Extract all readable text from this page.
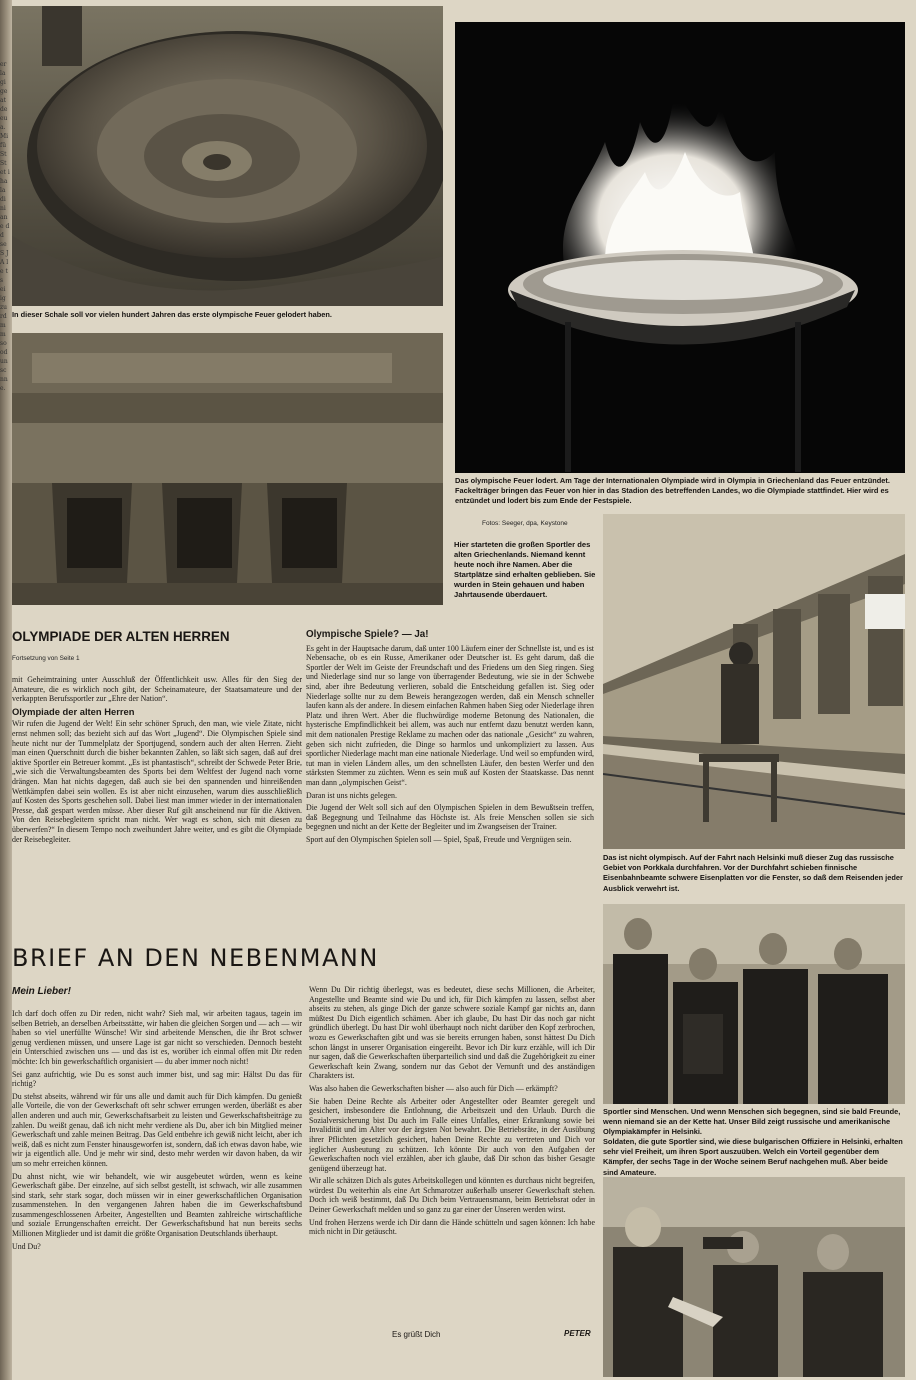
er la gi ge at de eu a. Mi fü St St et i ha la di ni an e d d se S J A l e t s ei ig zu rd m m so od un sc nn e.
In dieser Schale soll vor vielen hundert Jahren das erste olympische Feuer gelodert haben.
Das olympische Feuer lodert. Am Tage der Internationalen Olympiade wird in Olympia in Griechenland das Feuer entzündet. Fackelträger bringen das Feuer von hier in das Stadion des betreffenden Landes, wo die Olympiade stattfindet. Hier wird es entzündet und lodert bis zum Ende der Festspiele.
Fotos: Seeger, dpa, Keystone
Hier starteten die großen Sportler des alten Griechenlands. Niemand kennt heute noch ihre Namen. Aber die Startplätze sind erhalten geblieben. Sie wurden in Stein gehauen und haben Jahrtausende überdauert.
Das ist nicht olympisch. Auf der Fahrt nach Helsinki muß dieser Zug das russische Gebiet von Porkkala durchfahren. Vor der Durchfahrt schieben finnische Eisenbahnbeamte schwere Eisenplatten vor die Fenster, so daß dem Reisenden jeder Ausblick verwehrt ist.
OLYMPIADE DER ALTEN HERREN
Fortsetzung von Seite 1

mit Geheimtraining unter Ausschluß der Öffentlichkeit usw. Alles für den Sieg der Amateure, die es wirklich noch gibt, der Scheinamateure, der Staatsamateure und der verkappten Berufssportler zur „Ehre der Nation“.

Olympiade der alten Herren

Wir rufen die Jugend der Welt! Ein sehr schöner Spruch, den man, wie viele Zitate, nicht ernst nehmen soll; das bezieht sich auf das Wort „Jugend“. Die Olympischen Spiele sind heute nicht nur der Tummelplatz der Sportjugend, sondern auch der alten Herren. Zieht man einen Querschnitt durch die bisher bekannten Zahlen, so läßt sich sagen, daß auf drei aktive Sportler ein Betreuer kommt. „Es ist phantastisch“, schreibt der Schwede Peter Brie, „wie sich die Verwaltungsbeamten des Sports bei dem Weltfest der Jugend nach vorne drängen. Man hat nichts dagegen, daß auch sie bei den spannenden und hinreißenden Wettkämpfen dabei sein wollen. Es ist aber nicht einzusehen, warum dies ausschließlich auf Kosten des Sports geschehen soll. Dabei liest man immer wieder in der internationalen Presse, daß gespart werden müsse. Aber dieser Ruf gilt anscheinend nur für die Aktiven. Von den Reisebegleitern spricht man nicht. Wer wagt es schon, sich mit diesen zu überwerfen?“ In diesem Tempo noch zweihundert Jahre weiter, und es gibt die Olympiade der Reisebegleiter.

Olympische Spiele? — Ja!

Es geht in der Hauptsache darum, daß unter 100 Läufern einer der Schnellste ist, und es ist Nebensache, ob es ein Russe, Amerikaner oder Deutscher ist. Es geht darum, daß die Sportler der Welt im Geiste der Freundschaft und des Friedens um den Sieg ringen. Sieg und Niederlage sind nur so lange von überragender Bedeutung, wie sie in der Schwebe sind, aber ihre Bedeutung verlieren, sobald die Entscheidung gefallen ist. Sieg oder Niederlage sollte nur zu dem Beweis herangezogen werden, daß ein Mensch schneller laufen kann als der andere. In diesem einfachen Rahmen haben Sieg oder Niederlage ihren Platz und ihren Wert. Aber die fluchwürdige moderne Betonung des Nationalen, die hysterische Empfindlichkeit bei allem, was auch nur entfernt dazu benutzt werden kann, mit dem nationalen Prestige Reklame zu machen oder das nationale „Gesicht“ zu wahren, geben sich nicht zufrieden, die Dinge so harmlos und unkompliziert zu lassen. Aus sportlicher Niederlage macht man eine nationale Niederlage. Und weil so empfunden wird, tut man in vielen Ländern alles, um den schnellsten Läufer, den besten Werfer und den stärksten Stemmer zu züchten. Wenn es sein muß auf Kosten der Staatskasse. Das nennt man dann „olympischen Geist“.

Daran ist uns nichts gelegen.

Die Jugend der Welt soll sich auf den Olympischen Spielen in dem Bewußtsein treffen, daß Begegnung und Teilnahme das Höchste ist. Als freie Menschen sollen sie sich begegnen und nicht an der Kette der Begleiter und im Zwangseisen der Trainer.

Sport auf den Olympischen Spielen soll — Spiel, Spaß, Freude und Vergnügen sein.

BRIEF AN DEN NEBENMANN
Mein Lieber!

Ich darf doch offen zu Dir reden, nicht wahr? Sieh mal, wir arbeiten tagaus, tagein im selben Betrieb, an derselben Arbeitsstätte, wir haben die gleichen Sorgen und — ach — wir haben so viel unerfüllte Wünsche! Wir sind arbeitende Menschen, die ihr Brot schwer genug verdienen müssen, und unsere Lage ist gar nicht so verschieden. Dennoch besteht ein Unterschied zwischen uns — und das ist es, worüber ich einmal offen mit Dir reden möchte: Ich bin gewerkschaftlich organisiert — du aber immer noch nicht!

Sei ganz aufrichtig, wie Du es sonst auch immer bist, und sag mir: Hältst Du das für richtig?

Du stehst abseits, während wir für uns alle und damit auch für Dich kämpfen. Du genießt alle Vorteile, die von der Gewerkschaft oft sehr schwer errungen werden, überläßt es aber allen anderen und auch mir, Gewerkschaftsarbeit zu leisten und Gewerkschaftsbeiträge zu zahlen. Du weißt genau, daß ich nicht mehr verdiene als Du, aber ich bin Mitglied meiner Gewerkschaft und zahle meinen Beitrag. Das Geld entbehre ich gewiß nicht leicht, aber ich weiß, daß es nicht zum Fenster hinausgeworfen ist, sondern, daß ich etwas davon habe, wie wir ja eigentlich alle. Und je mehr wir sind, desto mehr werden wir davon haben, da wir um so mehr erreichen können.

Du ahnst nicht, wie wir behandelt, wie wir ausgebeutet würden, wenn es keine Gewerkschaft gäbe. Der einzelne, auf sich selbst gestellt, ist schwach, wir alle zusammen sind stark, sehr stark sogar, doch müssen wir in einer gewerkschaftlichen Organisation zusammenstehen. In den vergangenen Jahren haben die im Gewerkschaftsbund zusammengeschlossenen Arbeiter, Angestellten und Beamten zahlreiche wirtschaftliche und soziale Errungenschaften erreicht. Der Gewerkschaftsbund hat nun bereits sechs Millionen Mitglieder und ist damit die größte Organisation Deutschlands überhaupt.

Und Du?

Wenn Du Dir richtig überlegst, was es bedeutet, diese sechs Millionen, die Arbeiter, Angestellte und Beamte sind wie Du und ich, für Dich kämpfen zu lassen, selbst aber abseits zu stehen, als ginge Dich der ganze schwere soziale Kampf gar nichts an, dann müßtest Du Dich eigentlich schämen. Aber ich glaube, Du hast Dir das noch gar nicht gründlich überlegt. Du hast Dir wohl überhaupt noch nicht darüber den Kopf zerbrochen, wozu es Gewerkschaften gibt und was sie bereits errungen haben, sonst hättest Du Dich schon längst in unserer Organisation eingereiht. Bevor ich Dir kurz erzähle, will ich Dir nur sagen, daß die Gewerkschaften überparteilich sind und daß die Zugehörigkeit zu einer Gewerkschaft kein Zwang, sondern nur das Gebot der Vernunft und des anständigen Charakters ist.

Was also haben die Gewerkschaften bisher — also auch für Dich — erkämpft?

Sie haben Deine Rechte als Arbeiter oder Angestellter oder Beamter geregelt und gesichert, insbesondere die Entlohnung, die Arbeitszeit und den Urlaub. Durch die Sozialversicherung bist Du auch im Falle eines Unfalles, einer Erkrankung sowie bei Invalidität und im Alter vor der ärgsten Not bewahrt. Die Betriebsräte, in der Ausübung ihrer Pflichten gesetzlich gesichert, haben Deine Rechte zu vertreten und Dich vor jeglicher Ausbeutung zu schützen. Ich könnte Dir auch von den Aufgaben der Gewerkschaften noch viel erzählen, aber ich glaube, daß Dir schon das bisher Gesagte genügend überzeugt hat.

Wir alle schätzen Dich als gutes Arbeitskollegen und könnten es durchaus nicht begreifen, würdest Du weiterhin als eine Art Schmarotzer außerhalb unserer Gewerkschaft stehen. Doch ich weiß bestimmt, daß Du Dich beim Vertrauensmann, beim Betriebsrat oder in Deiner Gewerkschaft melden und so ganz zu gar einer der Unseren werden wirst.

Und frohen Herzens werde ich Dir dann die Hände schütteln und sagen können: Ich habe mich nicht in Dir getäuscht.

Es grüßt Dich	PETER
Sportler sind Menschen. Und wenn Menschen sich begegnen, sind sie bald Freunde, wenn niemand sie an der Kette hat. Unser Bild zeigt russische und amerikanische Olympiakämpfer in Helsinki.
Soldaten, die gute Sportler sind, wie diese bulgarischen Offiziere in Helsinki, erhalten sehr viel Freiheit, um ihren Sport auszuüben. Welch ein Vorteil gegenüber dem Kämpfer, der sechs Tage in der Woche seinem Beruf nachgehen muß. Aber beide sind Amateure.
